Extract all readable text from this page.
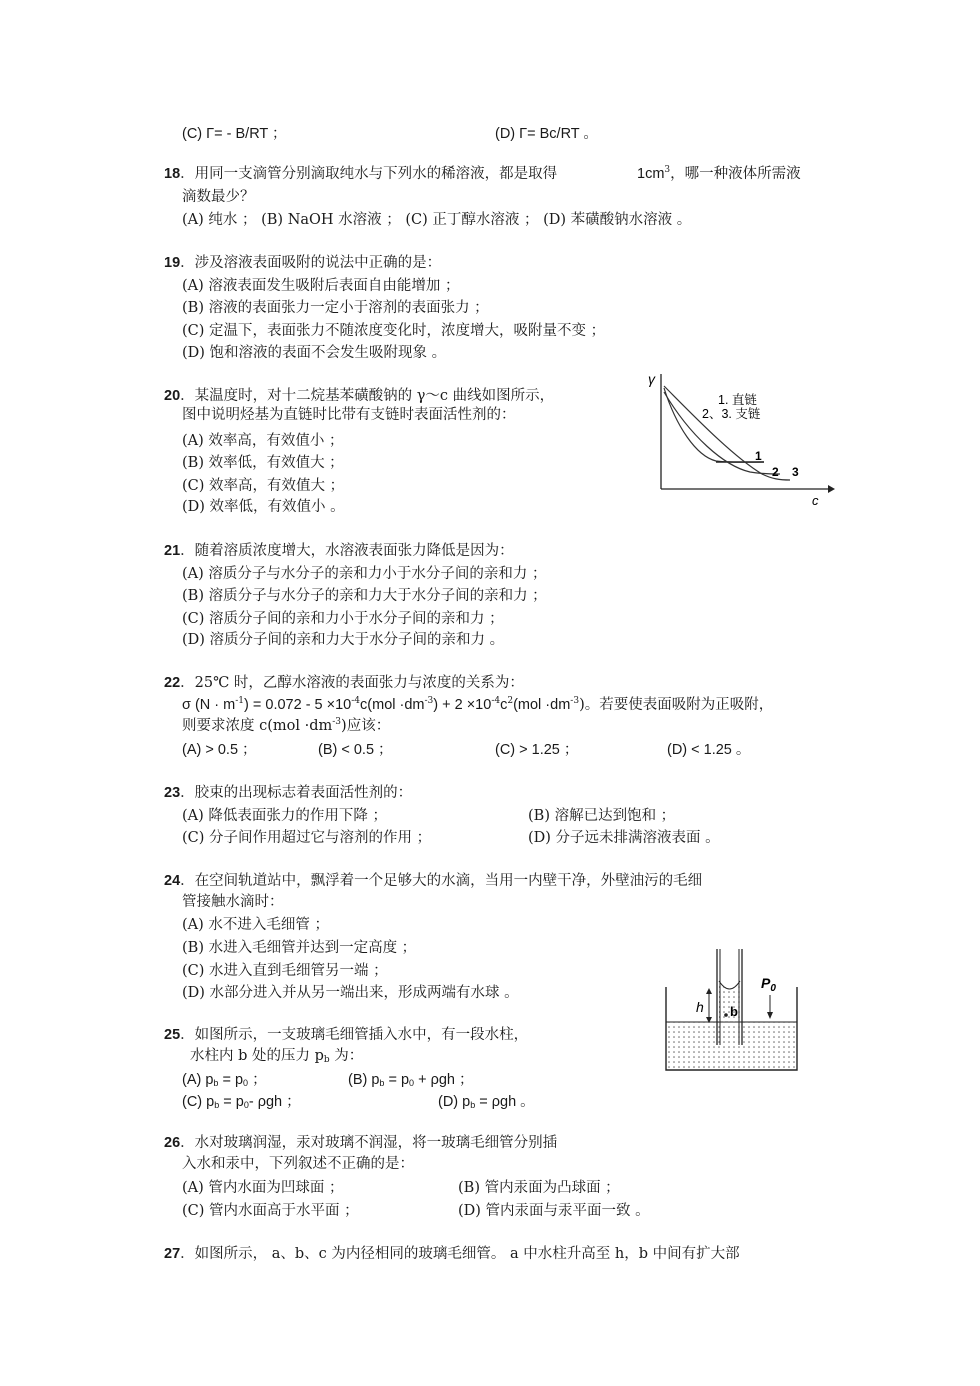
(C) Γ= - B/RT ；	(D) Γ= Bc/RT 。
18．用同一支滴管分别滴取纯水与下列水的稀溶液，都是取得	$1cm^3$，哪一种液体所需液
滴数最少？
(A) 纯水 ； (B) NaOH 水溶液 ； (C) 正丁醇水溶液 ； (D) 苯磺酸钠水溶液 。
19．涉及溶液表面吸附的说法中正确的是：
(A) 溶液表面发生吸附后表面自由能增加 ；
(B) 溶液的表面张力一定小于溶剂的表面张力 ；
(C) 定温下，表面张力不随浓度变化时，浓度增大，吸附量不变 ；
(D) 饱和溶液的表面不会发生吸附现象 。
20．某温度时，对十二烷基苯磺酸钠的 γ～c 曲线如图所示，
图中说明烃基为直链时比带有支链时表面活性剂的：
(A) 效率高，有效值小 ；
(B) 效率低，有效值大 ；
(C) 效率高，有效值大 ；
(D) 效率低，有效值小 。
γ
c
1. 直链
2、3. 支链
1
2 3
21．随着溶质浓度增大，水溶液表面张力降低是因为：
(A) 溶质分子与水分子的亲和力小于水分子间的亲和力 ；
(B) 溶质分子与水分子的亲和力大于水分子间的亲和力 ；
(C) 溶质分子间的亲和力小于水分子间的亲和力 ；
(D) 溶质分子间的亲和力大于水分子间的亲和力 。
22．25℃ 时，乙醇水溶液的表面张力与浓度的关系为：
σ $(N \cdot m^{-1}) = 0.072 - 5 \times 10^{-4}c(mol \cdot dm^{-3}) + 2 \times 10^{-4}c^2(mol \cdot dm^{-3})$。若要使表面吸附为正吸附，
则要求浓度 $c(mol \cdot dm^{-3})$应该：
(A) > 0.5 ；	(B) < 0.5 ；	(C) > 1.25 ；	(D) < 1.25 。
23．胶束的出现标志着表面活性剂的：
(A) 降低表面张力的作用下降 ；	(B) 溶解已达到饱和 ；
(C) 分子间作用超过它与溶剂的作用 ；	(D) 分子远未排满溶液表面 。
24．在空间轨道站中，飘浮着一个足够大的水滴，当用一内壁干净，外壁油污的毛细
管接触水滴时：
(A) 水不进入毛细管 ；
(B) 水进入毛细管并达到一定高度 ；
(C) 水进入直到毛细管另一端 ；
(D) 水部分进入并从另一端出来，形成两端有水球 。
25．如图所示，一支玻璃毛细管插入水中，有一段水柱，
水柱内 b 处的压力 $p_b$ 为：
(A) $p_b = p_0$ ；	(B) $p_b = p_0 + \rho gh$ ；
(C) $p_b = p_0-$ ρgh ；	(D) $p_b = \rho gh$ 。
h b
$P_0$
26．水对玻璃润湿，汞对玻璃不润湿，将一玻璃毛细管分别插
入水和汞中，下列叙述不正确的是：
(A) 管内水面为凹球面 ；	(B) 管内汞面为凸球面 ；
(C) 管内水面高于水平面 ；	(D) 管内汞面与汞平面一致 。
27．如图所示， a、b、c 为内径相同的玻璃毛细管。 a 中水柱升高至 h，b 中间有扩大部
